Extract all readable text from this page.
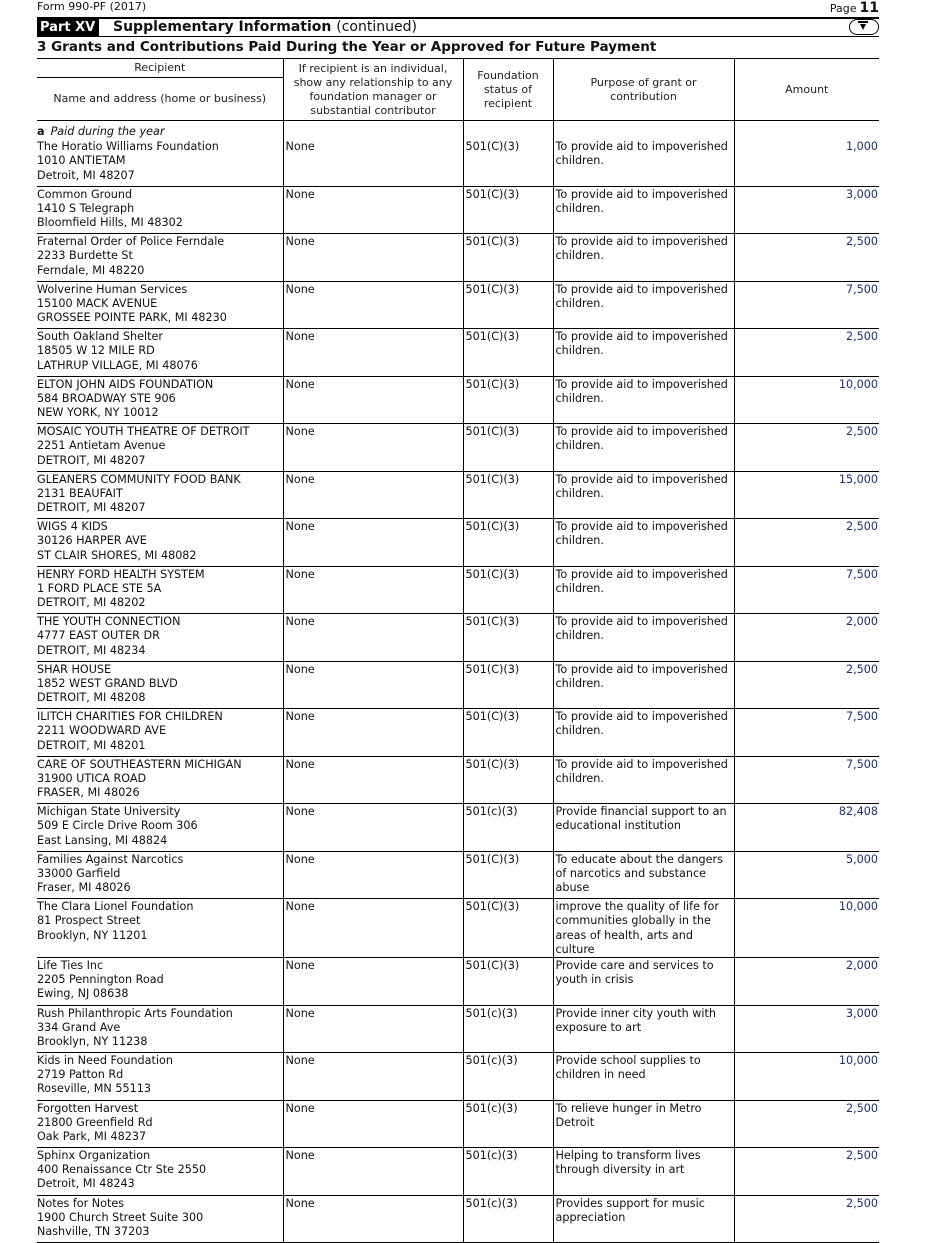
Form 990-PF (2017)	Page 11
Part XV Supplementary Information (continued)
3 Grants and Contributions Paid During the Year or Approved for Future Payment
Recipient
Name and address (home or business)	If recipient is an individual, show any relationship to any foundation manager or substantial contributor	Foundation status of recipient	Purpose of grant or contribution	Amount
a Paid during the year				

The Horatio Williams Foundation
1010 ANTIETAM
Detroit, MI 48207	None	501(C)(3)	To provide aid to impoverished children.	1,000

Common Ground
1410 S Telegraph
Bloomfield Hills, MI 48302	None	501(C)(3)	To provide aid to impoverished children.	3,000

Fraternal Order of Police Ferndale
2233 Burdette St
Ferndale, MI 48220	None	501(C)(3)	To provide aid to impoverished children.	2,500

Wolverine Human Services
15100 MACK AVENUE
GROSSEE POINTE PARK, MI 48230	None	501(C)(3)	To provide aid to impoverished children.	7,500

South Oakland Shelter
18505 W 12 MILE RD
LATHRUP VILLAGE, MI 48076	None	501(C)(3)	To provide aid to impoverished children.	2,500

ELTON JOHN AIDS FOUNDATION
584 BROADWAY STE 906
NEW YORK, NY 10012	None	501(C)(3)	To provide aid to impoverished children.	10,000

MOSAIC YOUTH THEATRE OF DETROIT
2251 Antietam Avenue
DETROIT, MI 48207	None	501(C)(3)	To provide aid to impoverished children.	2,500

GLEANERS COMMUNITY FOOD BANK
2131 BEAUFAIT
DETROIT, MI 48207	None	501(C)(3)	To provide aid to impoverished children.	15,000

WIGS 4 KIDS
30126 HARPER AVE
ST CLAIR SHORES, MI 48082	None	501(C)(3)	To provide aid to impoverished children.	2,500

HENRY FORD HEALTH SYSTEM
1 FORD PLACE STE 5A
DETROIT, MI 48202	None	501(C)(3)	To provide aid to impoverished children.	7,500

THE YOUTH CONNECTION
4777 EAST OUTER DR
DETROIT, MI 48234	None	501(C)(3)	To provide aid to impoverished children.	2,000

SHAR HOUSE
1852 WEST GRAND BLVD
DETROIT, MI 48208	None	501(C)(3)	To provide aid to impoverished children.	2,500

ILITCH CHARITIES FOR CHILDREN
2211 WOODWARD AVE
DETROIT, MI 48201	None	501(C)(3)	To provide aid to impoverished children.	7,500

CARE OF SOUTHEASTERN MICHIGAN
31900 UTICA ROAD
FRASER, MI 48026	None	501(C)(3)	To provide aid to impoverished children.	7,500

Michigan State University
509 E Circle Drive Room 306
East Lansing, MI 48824	None	501(c)(3)	Provide financial support to an educational institution	82,408

Families Against Narcotics
33000 Garfield
Fraser, MI 48026	None	501(C)(3)	To educate about the dangers of narcotics and substance abuse	5,000

The Clara Lionel Foundation
81 Prospect Street
Brooklyn, NY 11201	None	501(C)(3)	improve the quality of life for communities globally in the areas of health, arts and culture	10,000

Life Ties Inc
2205 Pennington Road
Ewing, NJ 08638	None	501(C)(3)	Provide care and services to youth in crisis	2,000

Rush Philanthropic Arts Foundation
334 Grand Ave
Brooklyn, NY 11238	None	501(c)(3)	Provide inner city youth with exposure to art	3,000

Kids in Need Foundation
2719 Patton Rd
Roseville, MN 55113	None	501(c)(3)	Provide school supplies to children in need	10,000

Forgotten Harvest
21800 Greenfield Rd
Oak Park, MI 48237	None	501(c)(3)	To relieve hunger in Metro Detroit	2,500

Sphinx Organization
400 Renaissance Ctr Ste 2550
Detroit, MI 48243	None	501(c)(3)	Helping to transform lives through diversity in art	2,500

Notes for Notes
1900 Church Street Suite 300
Nashville, TN 37203	None	501(c)(3)	Provides support for music appreciation	2,500
